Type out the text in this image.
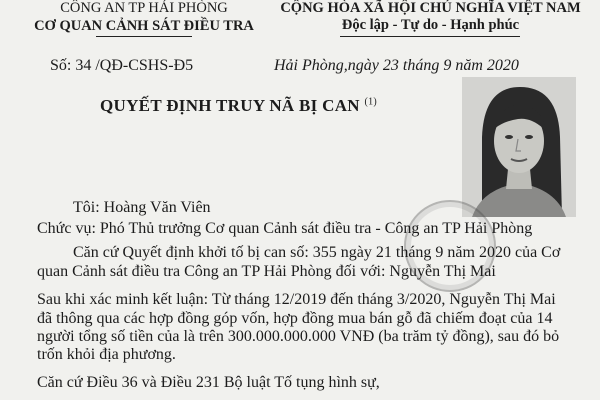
CÔNG AN TP HẢI PHÒNG
CƠ QUAN CẢNH SÁT ĐIỀU TRA
Số: 34 /QĐ-CSHS-Đ5
CỘNG HÒA XÃ HỘI CHỦ NGHĨA VIỆT NAM
Độc lập - Tự do - Hạnh phúc
Hải Phòng,ngày 23 tháng 9 năm 2020
QUYẾT ĐỊNH TRUY NÃ BỊ CAN $^{(1)}$
Tôi: Hoàng Văn Viên
Chức vụ: Phó Thủ trưởng Cơ quan Cảnh sát điều tra - Công an TP Hải Phòng
Căn cứ Quyết định khởi tố bị can số: 355 ngày 21 tháng 9 năm 2020 của Cơ
quan Cảnh sát điều tra Công an TP Hải Phòng đối với: Nguyễn Thị Mai
Sau khi xác minh kết luận: Từ tháng 12/2019 đến tháng 3/2020, Nguyễn Thị Mai
đã thông qua các hợp đồng góp vốn, hợp đồng mua bán gỗ đã chiếm đoạt của 14
người tổng số tiền của là trên 300.000.000.000 VNĐ (ba trăm tỷ đồng), sau đó bỏ
trốn khỏi địa phương.
Căn cứ Điều 36 và Điều 231 Bộ luật Tố tụng hình sự,
